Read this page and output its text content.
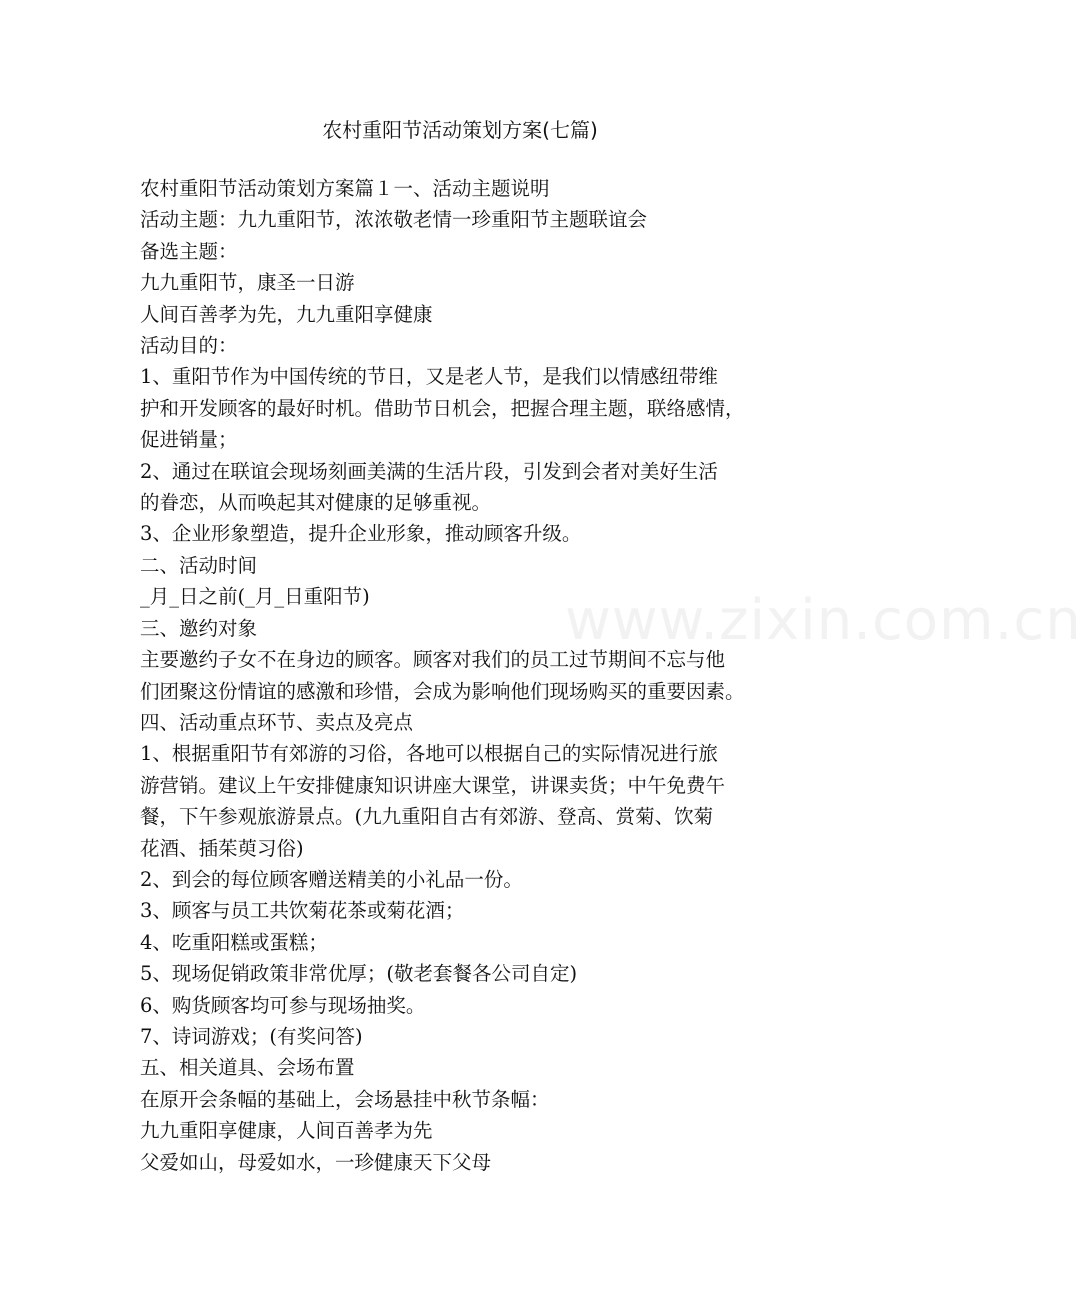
农村重阳节活动策划方案(七篇)

农村重阳节活动策划方案篇１一、活动主题说明

活动主题：九九重阳节，浓浓敬老情一珍重阳节主题联谊会

备选主题：

九九重阳节，康圣一日游

人间百善孝为先，九九重阳享健康

活动目的：

1、重阳节作为中国传统的节日，又是老人节，是我们以情感纽带维

护和开发顾客的最好时机。借助节日机会，把握合理主题，联络感情，

促进销量；

2、通过在联谊会现场刻画美满的生活片段，引发到会者对美好生活

的眷恋，从而唤起其对健康的足够重视。

3、企业形象塑造，提升企业形象，推动顾客升级。

二、活动时间

_月_日之前(_月_日重阳节)

三、邀约对象

主要邀约子女不在身边的顾客。顾客对我们的员工过节期间不忘与他

们团聚这份情谊的感激和珍惜，会成为影响他们现场购买的重要因素。

四、活动重点环节、卖点及亮点

1、根据重阳节有郊游的习俗，各地可以根据自己的实际情况进行旅

游营销。建议上午安排健康知识讲座大课堂，讲课卖货；中午免费午

餐，下午参观旅游景点。(九九重阳自古有郊游、登高、赏菊、饮菊

花酒、插茱萸习俗)

2、到会的每位顾客赠送精美的小礼品一份。

3、顾客与员工共饮菊花茶或菊花酒；

4、吃重阳糕或蛋糕；

5、现场促销政策非常优厚；(敬老套餐各公司自定)

6、购货顾客均可参与现场抽奖。

7、诗词游戏；(有奖问答)

五、相关道具、会场布置

在原开会条幅的基础上，会场悬挂中秋节条幅：

九九重阳享健康，人间百善孝为先

父爱如山，母爱如水，一珍健康天下父母

www.zixin.com.cn
